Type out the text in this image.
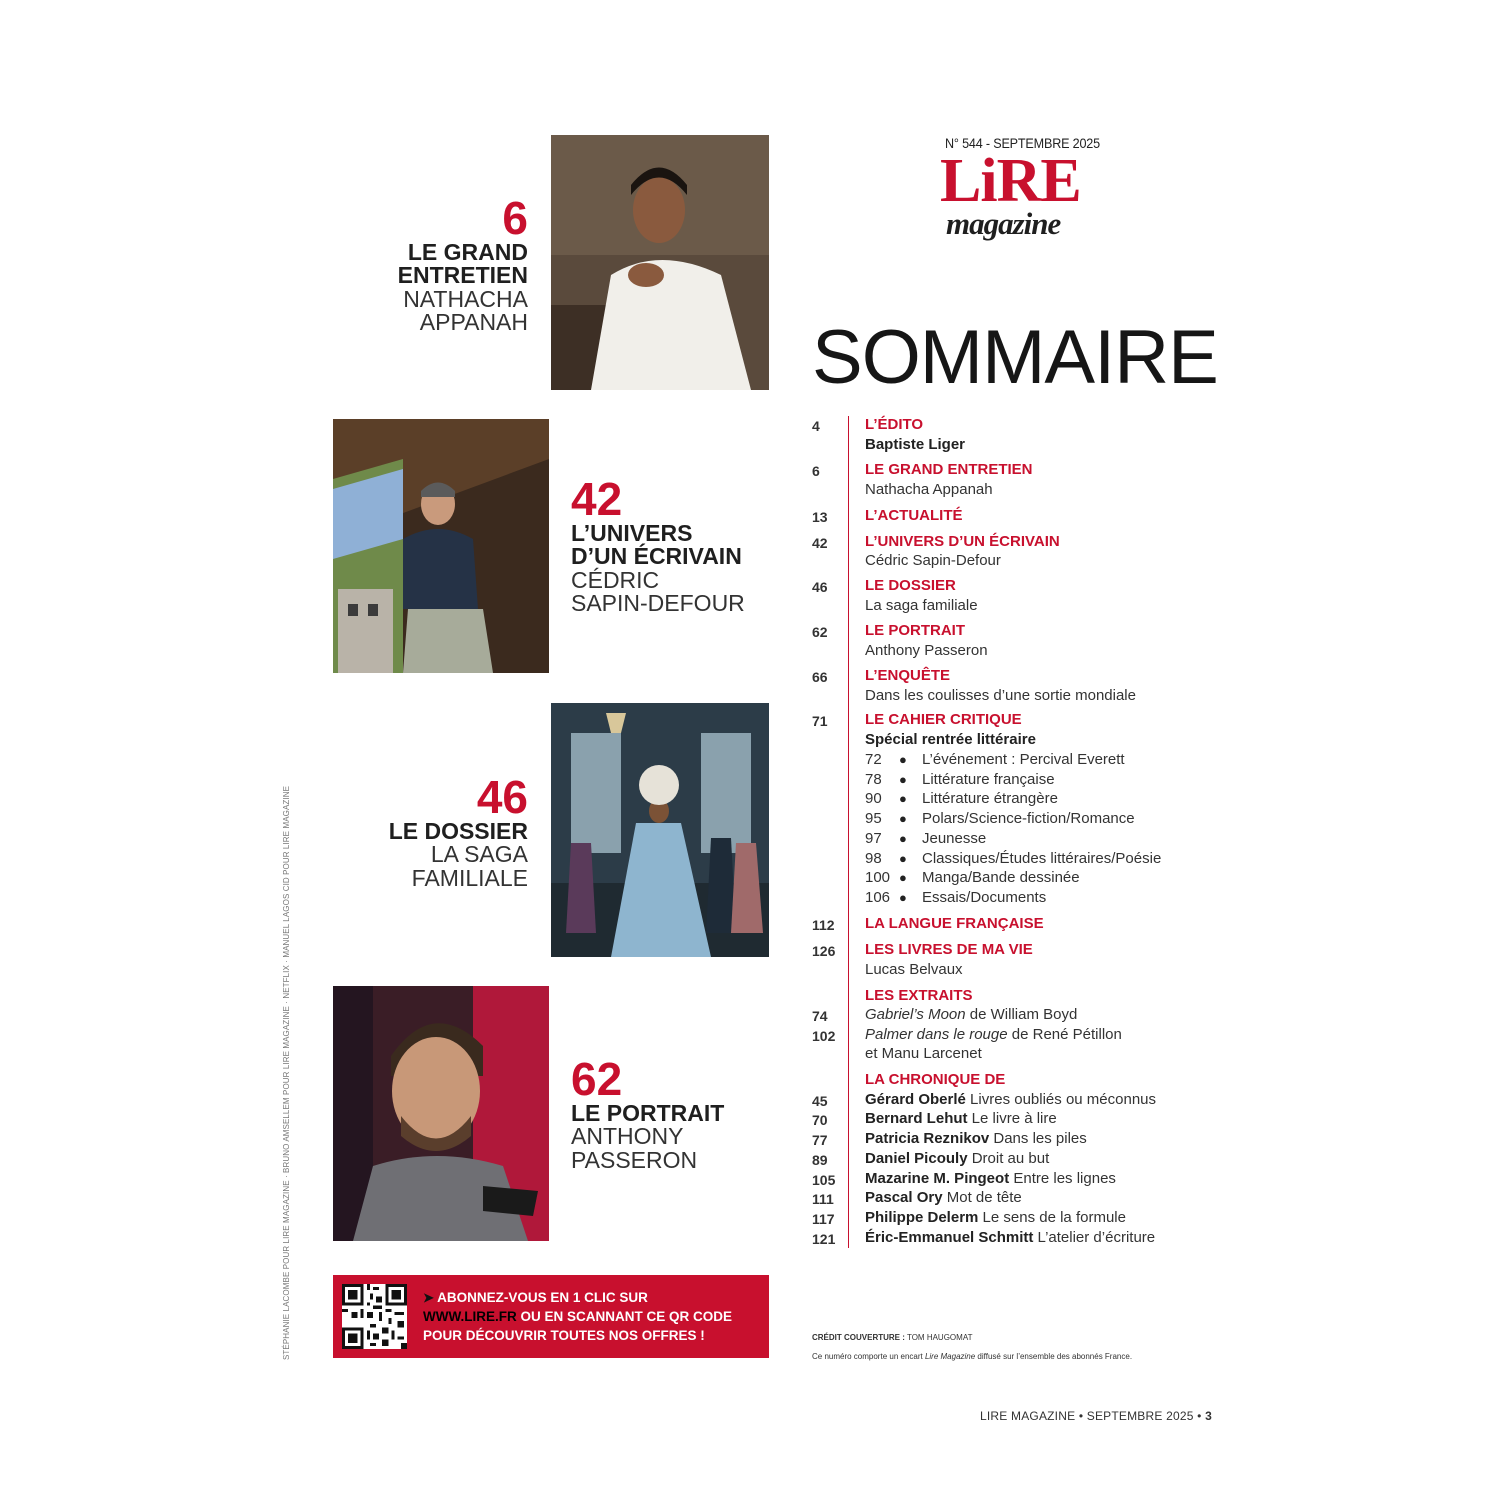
6
LE GRAND
ENTRETIEN
NATHACHA
APPANAH
42
L’UNIVERS
D’UN ÉCRIVAIN
CÉDRIC
SAPIN-DEFOUR
46
LE DOSSIER
LA SAGA
FAMILIALE
62
LE PORTRAIT
ANTHONY
PASSERON
N° 544 - SEPTEMBRE 2025
LiRE
magazine
SOMMAIRE
4	L’ÉDITO
Baptiste Liger
6	LE GRAND ENTRETIEN
Nathacha Appanah
13	L’ACTUALITÉ
42	L’UNIVERS D’UN ÉCRIVAIN
Cédric Sapin-Defour
46	LE DOSSIER
La saga familiale
62	LE PORTRAIT
Anthony Passeron
66	L’ENQUÊTE
Dans les coulisses d’une sortie mondiale
71	LE CAHIER CRITIQUE
Spécial rentrée littéraire
72	● L’événement : Percival Everett
78	● Littérature française
90	● Littérature étrangère
95	● Polars/Science-fiction/Romance
97	● Jeunesse
98	● Classiques/Études littéraires/Poésie
100 ● Manga/Bande dessinée
106 ● Essais/Documents
112	LA LANGUE FRANÇAISE
126	LES LIVRES DE MA VIE
Lucas Belvaux
LES EXTRAITS
74	Gabriel’s Moon de William Boyd
102	Palmer dans le rouge de René Pétillon
et Manu Larcenet
LA CHRONIQUE DE
45	Gérard Oberlé Livres oubliés ou méconnus
70	Bernard Lehut Le livre à lire
77	Patricia Reznikov Dans les piles
89	Daniel Picouly Droit au but
105	Mazarine M. Pingeot Entre les lignes
111	Pascal Ory Mot de tête
117	Philippe Delerm Le sens de la formule
121	Éric-Emmanuel Schmitt L’atelier d’écriture
➤ ABONNEZ-VOUS EN 1 CLIC SUR
WWW.LIRE.FR OU EN SCANNANT CE QR CODE
POUR DÉCOUVRIR TOUTES NOS OFFRES !	CRÉDIT COUVERTURE : TOM HAUGOMAT
Ce numéro comporte un encart Lire Magazine diffusé sur l’ensemble des abonnés France.
STÉPHANIE LACOMBE POUR LIRE MAGAZINE · BRUNO AMSELLEM POUR LIRE MAGAZINE · NETFLIX · MANUEL LAGOS CID POUR LIRE MAGAZINE
LIRE MAGAZINE • SEPTEMBRE 2025 • 3
